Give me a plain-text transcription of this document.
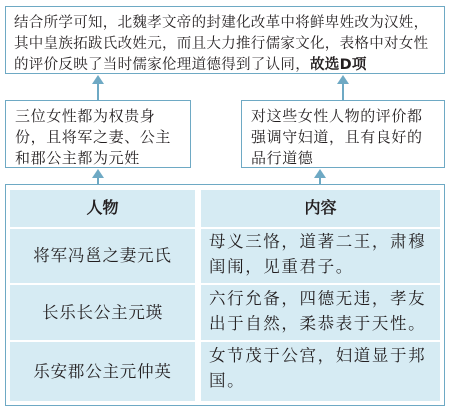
结合所学可知，北魏孝文帝的封建化改革中将鲜卑姓改为汉姓，其中皇族拓跋氏改姓元，而且大力推行儒家文化，表格中对女性的评价反映了当时儒家伦理道德得到了认同，故选D项
三位女性都为权贵身份，且将军之妻、公主和郡公主都为元姓
对这些女性人物的评价都强调守妇道，且有良好的品行道德
人物	内容
将军冯邕之妻元氏
母义三恪，道著二王，肃穆闺闱，见重君子。
长乐长公主元瑛
六行允备，四德无违，孝友出于自然，柔恭表于天性。
乐安郡公主元仲英
女节茂于公宫，妇道显于邦国。
